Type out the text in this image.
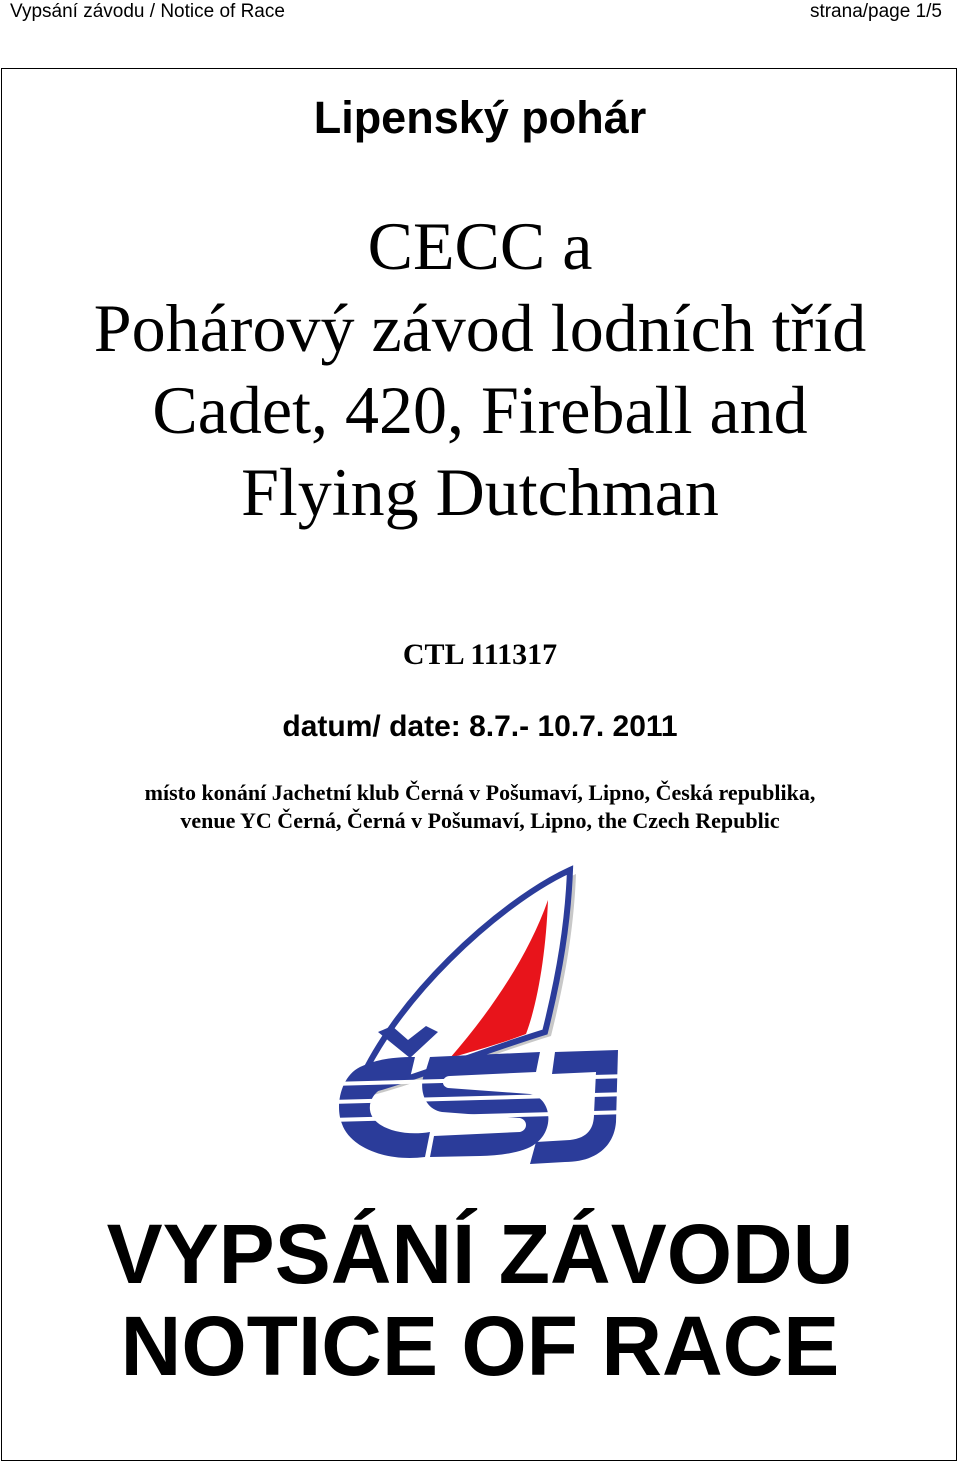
Vypsání závodu / Notice of Race	strana/page 1/5
Lipenský pohár
CECC a
Pohárový závod lodních tříd
Cadet, 420, Fireball and
Flying Dutchman
CTL 111317
datum/ date: 8.7.- 10.7. 2011
místo konání Jachetní klub Černá v Pošumaví, Lipno, Česká republika,
venue YC Černá, Černá v Pošumaví, Lipno, the Czech Republic
VYPSÁNÍ ZÁVODU
NOTICE OF RACE
